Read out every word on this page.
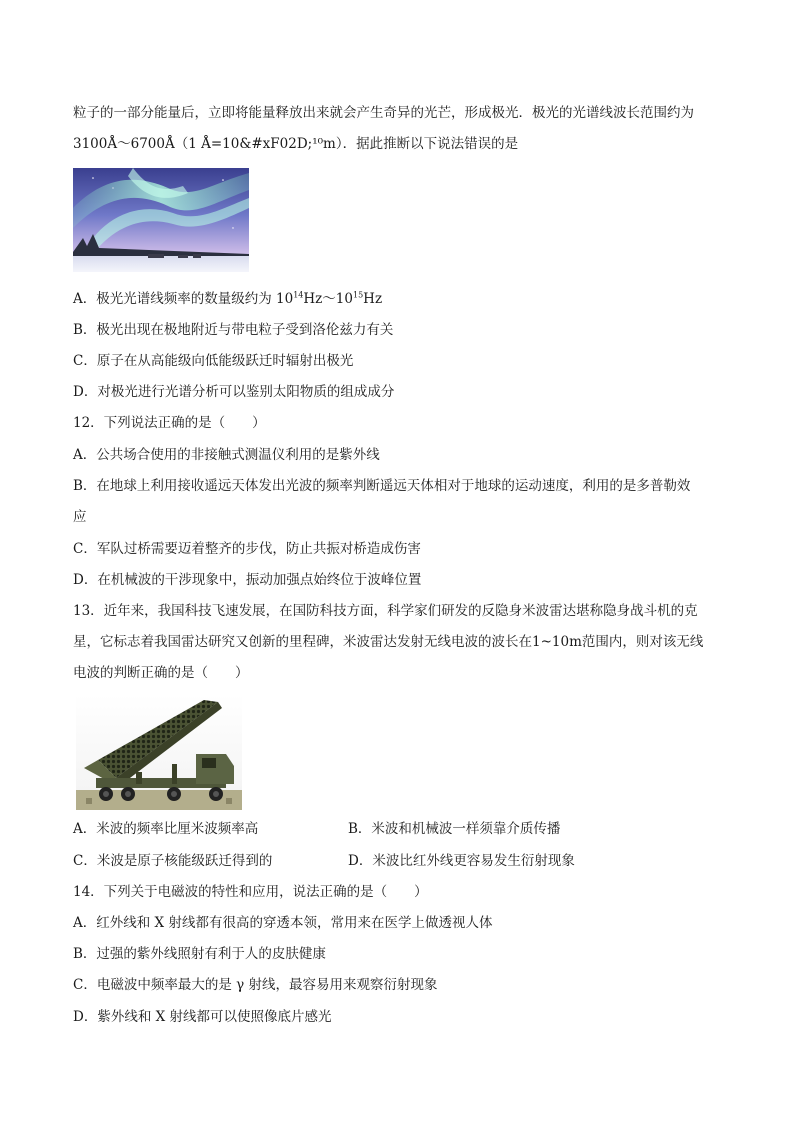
粒子的一部分能量后，立即将能量释放出来就会产生奇异的光芒，形成极光．极光的光谱线波长范围约为
3100Å～6700Å（1 Å=10&#xF02D;¹⁰m）．据此推断以下说法错误的是
A．极光光谱线频率的数量级约为 $10^{14}Hz\sim 10^{15}Hz$
B．极光出现在极地附近与带电粒子受到洛伦兹力有关
C．原子在从高能级向低能级跃迁时辐射出极光
D．对极光进行光谱分析可以鉴别太阳物质的组成成分
12．下列说法正确的是（　　）
A．公共场合使用的非接触式测温仪利用的是紫外线
B．在地球上利用接收遥远天体发出光波的频率判断遥远天体相对于地球的运动速度，利用的是多普勒效
应
C．军队过桥需要迈着整齐的步伐，防止共振对桥造成伤害
D．在机械波的干涉现象中，振动加强点始终位于波峰位置
13．近年来，我国科技飞速发展，在国防科技方面，科学家们研发的反隐身米波雷达堪称隐身战斗机的克
星，它标志着我国雷达研究又创新的里程碑，米波雷达发射无线电波的波长在1~10m范围内，则对该无线
电波的判断正确的是（　　）
A．米波的频率比厘米波频率高	B．米波和机械波一样须靠介质传播
C．米波是原子核能级跃迁得到的	D．米波比红外线更容易发生衍射现象
14．下列关于电磁波的特性和应用，说法正确的是（　　）
A．红外线和 X 射线都有很高的穿透本领，常用来在医学上做透视人体
B．过强的紫外线照射有利于人的皮肤健康
C．电磁波中频率最大的是 γ 射线，最容易用来观察衍射现象
D．紫外线和 X 射线都可以使照像底片感光
